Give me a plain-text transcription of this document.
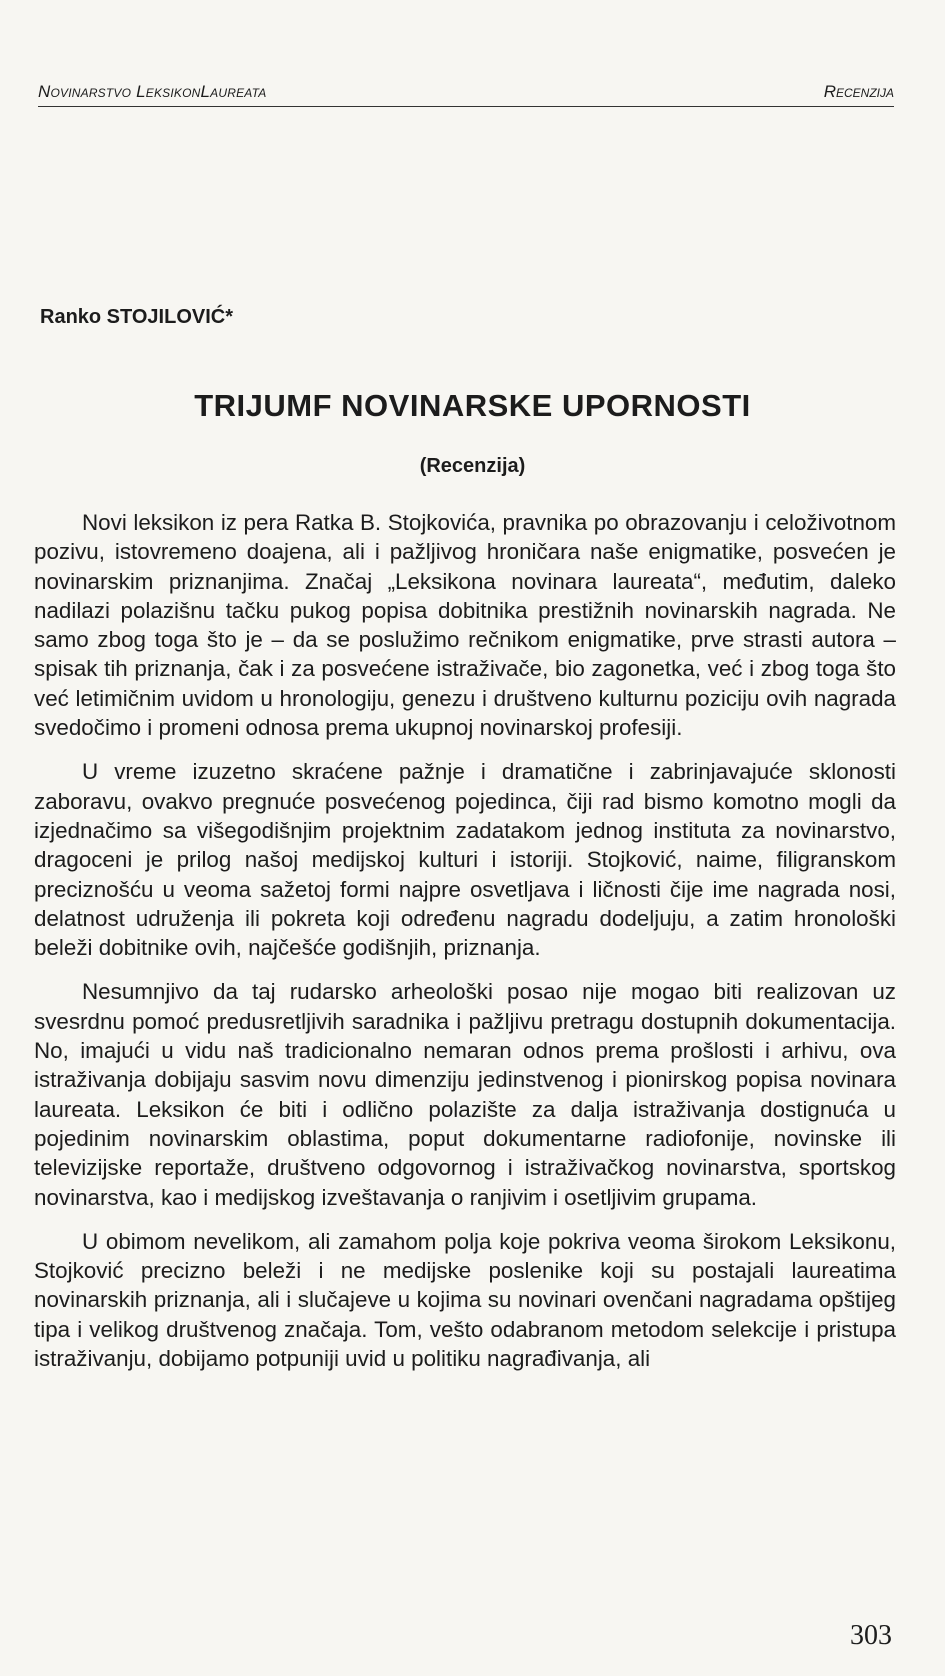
Novinarstvo LeksikonLaureata	Recenzija
Ranko STOJILOVIĆ*
TRIJUMF NOVINARSKE UPORNOSTI
(Recenzija)

Novi leksikon iz pera Ratka B. Stojkovića, pravnika po obrazovanju i celoživotnom pozivu, istovremeno doajena, ali i pažljivog hroničara naše enigmatike, posvećen je novinarskim priznanjima. Značaj „Leksikona novinara laureata“, međutim, daleko nadilazi polazišnu tačku pukog popisa dobitnika prestižnih novinarskih nagrada. Ne samo zbog toga što je – da se poslužimo rečnikom enigmatike, prve strasti autora – spisak tih priznanja, čak i za posvećene istraživače, bio zagonetka, već i zbog toga što već letimičnim uvidom u hronologiju, genezu i društveno kulturnu poziciju ovih nagrada svedočimo i promeni odnosa prema ukupnoj novinarskoj profesiji.

U vreme izuzetno skraćene pažnje i dramatične i zabrinjavajuće sklonosti zaboravu, ovakvo pregnuće posvećenog pojedinca, čiji rad bismo komotno mogli da izjednačimo sa višegodišnjim projektnim zadatakom jednog instituta za novinarstvo, dragoceni je prilog našoj medijskoj kulturi i istoriji. Stojković, naime, filigranskom preciznošću u veoma sažetoj formi najpre osvetljava i ličnosti čije ime nagrada nosi, delatnost udruženja ili pokreta koji određenu nagradu dodeljuju, a zatim hronološki beleži dobitnike ovih, najčešće godišnjih, priznanja.

Nesumnjivo da taj rudarsko arheološki posao nije mogao biti realizovan uz svesrdnu pomoć predusretljivih saradnika i pažljivu pretragu dostupnih dokumentacija. No, imajući u vidu naš tradicionalno nemaran odnos prema prošlosti i arhivu, ova istraživanja dobijaju sasvim novu dimenziju jedinstvenog i pionirskog popisa novinara laureata. Leksikon će biti i odlično polazište za dalja istraživanja dostignuća u pojedinim novinarskim oblastima, poput dokumentarne radiofonije, novinske ili televizijske reportaže, društveno odgovornog i istraživačkog novinarstva, sportskog novinarstva, kao i medijskog izveštavanja o ranjivim i osetljivim grupama.

U obimom nevelikom, ali zamahom polja koje pokriva veoma širokom Leksikonu, Stojković precizno beleži i ne medijske poslenike koji su postajali laureatima novinarskih priznanja, ali i slučajeve u kojima su novinari ovenčani nagradama opštijeg tipa i velikog društvenog značaja. Tom, vešto odabranom metodom selekcije i pristupa istraživanju, dobijamo potpuniji uvid u politiku nagrađivanja, ali

303
